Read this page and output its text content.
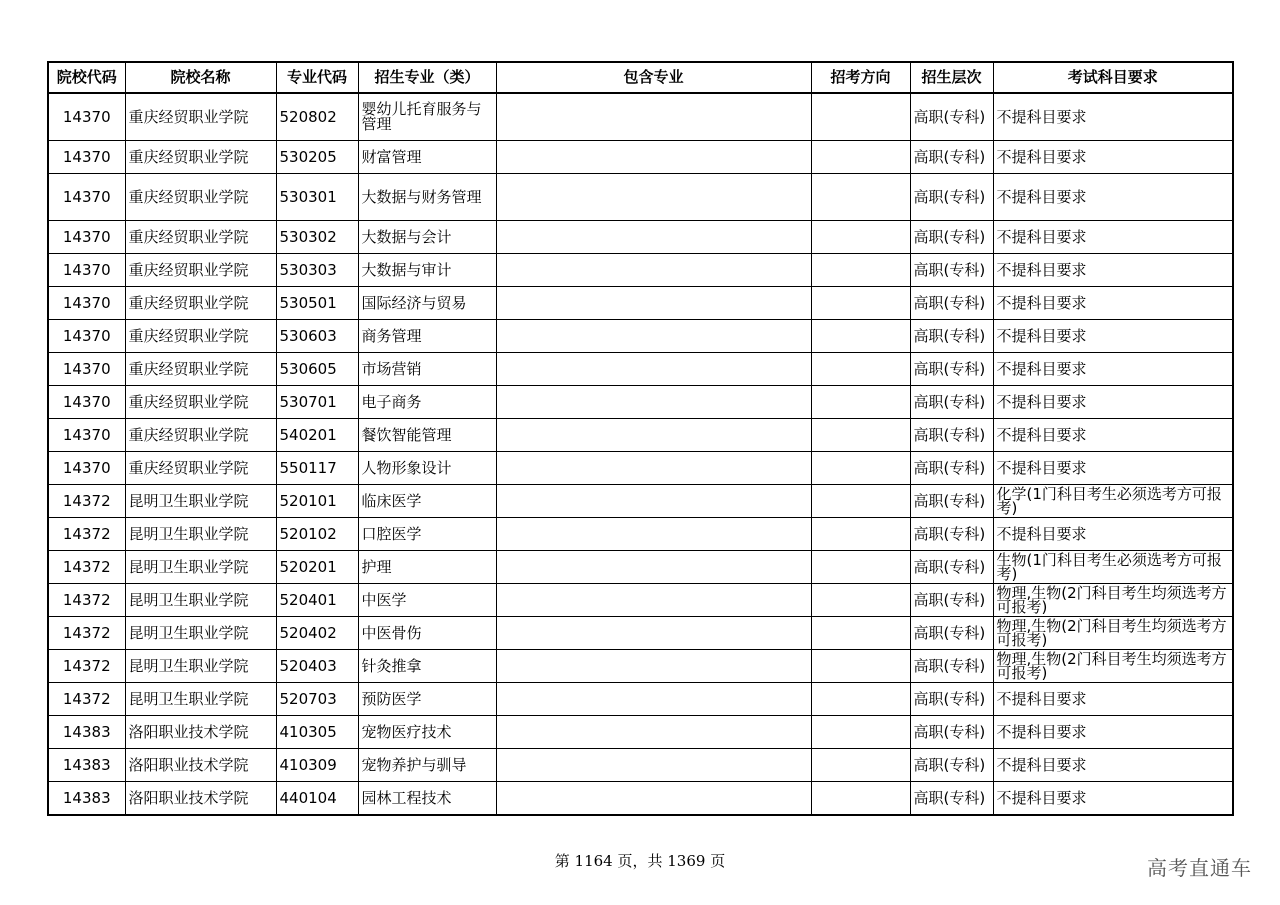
院校代码	院校名称	专业代码	招生专业（类）	包含专业	招考方向	招生层次	考试科目要求
14370	重庆经贸职业学院	520802	婴幼儿托育服务与管理			高职(专科)	不提科目要求
14370	重庆经贸职业学院	530205	财富管理			高职(专科)	不提科目要求
14370	重庆经贸职业学院	530301	大数据与财务管理			高职(专科)	不提科目要求
14370	重庆经贸职业学院	530302	大数据与会计			高职(专科)	不提科目要求
14370	重庆经贸职业学院	530303	大数据与审计			高职(专科)	不提科目要求
14370	重庆经贸职业学院	530501	国际经济与贸易			高职(专科)	不提科目要求
14370	重庆经贸职业学院	530603	商务管理			高职(专科)	不提科目要求
14370	重庆经贸职业学院	530605	市场营销			高职(专科)	不提科目要求
14370	重庆经贸职业学院	530701	电子商务			高职(专科)	不提科目要求
14370	重庆经贸职业学院	540201	餐饮智能管理			高职(专科)	不提科目要求
14370	重庆经贸职业学院	550117	人物形象设计			高职(专科)	不提科目要求
14372	昆明卫生职业学院	520101	临床医学			高职(专科)	化学(1门科目考生必须选考方可报考)
14372	昆明卫生职业学院	520102	口腔医学			高职(专科)	不提科目要求
14372	昆明卫生职业学院	520201	护理			高职(专科)	生物(1门科目考生必须选考方可报考)
14372	昆明卫生职业学院	520401	中医学			高职(专科)	物理,生物(2门科目考生均须选考方可报考)
14372	昆明卫生职业学院	520402	中医骨伤			高职(专科)	物理,生物(2门科目考生均须选考方可报考)
14372	昆明卫生职业学院	520403	针灸推拿			高职(专科)	物理,生物(2门科目考生均须选考方可报考)
14372	昆明卫生职业学院	520703	预防医学			高职(专科)	不提科目要求
14383	洛阳职业技术学院	410305	宠物医疗技术			高职(专科)	不提科目要求
14383	洛阳职业技术学院	410309	宠物养护与驯导			高职(专科)	不提科目要求
14383	洛阳职业技术学院	440104	园林工程技术			高职(专科)	不提科目要求
第 1164 页，共 1369 页	高考直通车
